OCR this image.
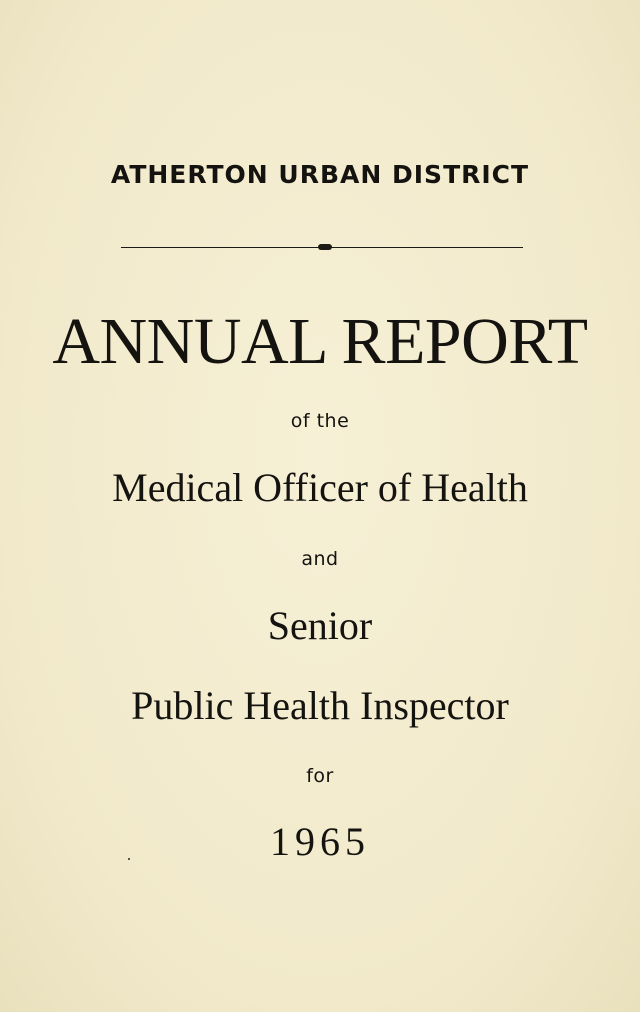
ATHERTON URBAN DISTRICT
ANNUAL REPORT
of the
Medical Officer of Health
and
Senior
Public Health Inspector
for
1965
